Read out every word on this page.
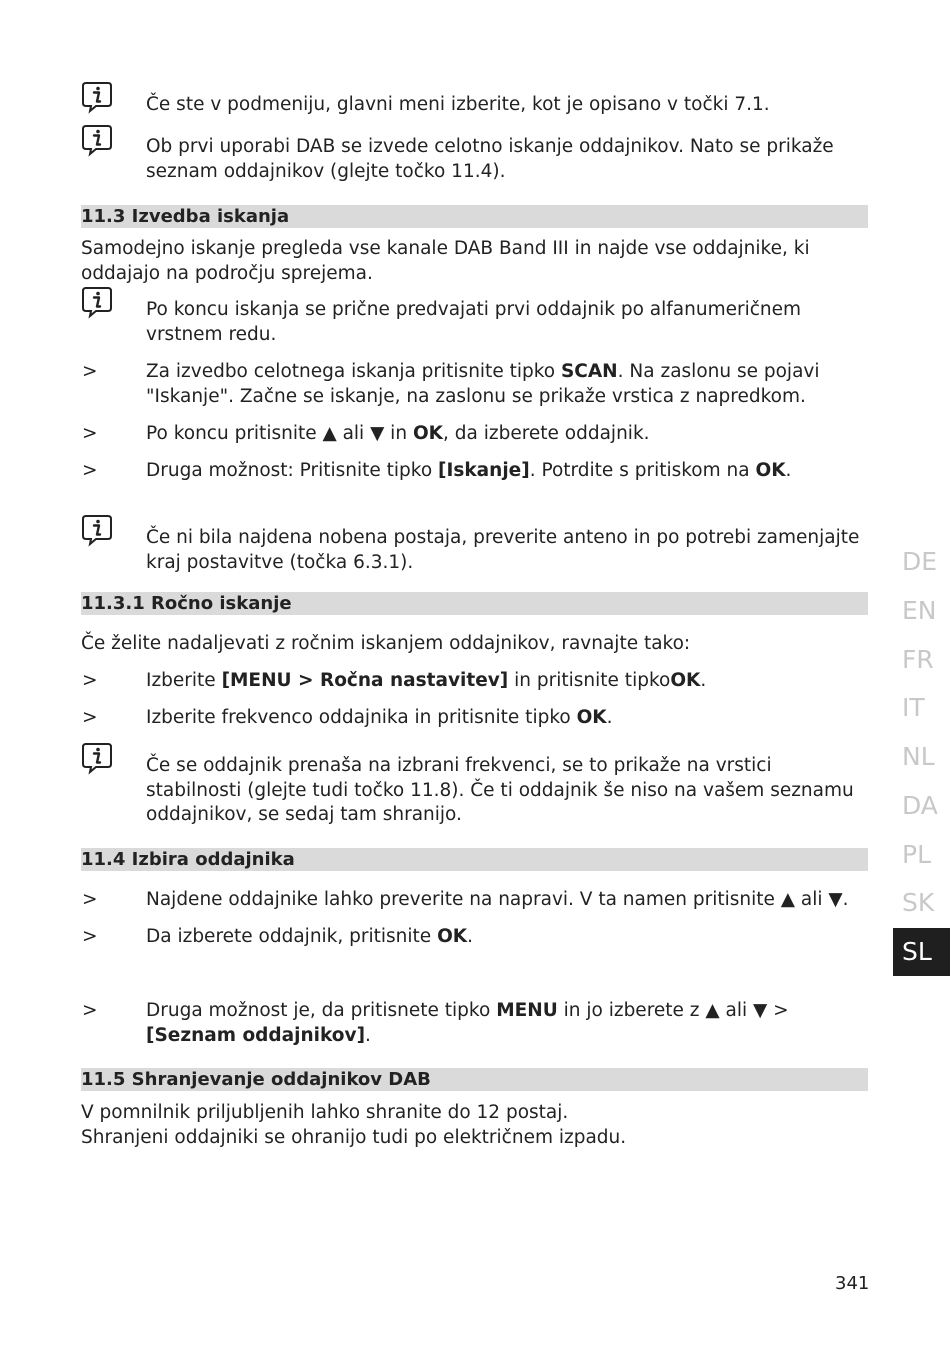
Če ste v podmeniju, glavni meni izberite, kot je opisano v točki 7.1.
Ob prvi uporabi DAB se izvede celotno iskanje oddajnikov. Nato se prikaže seznam oddajnikov (glejte točko 11.4).
11.3 Izvedba iskanja
Samodejno iskanje pregleda vse kanale DAB Band III in najde vse oddajnike, ki oddajajo na področju sprejema.
Po koncu iskanja se prične predvajati prvi oddajnik po alfanumeričnem vrstnem redu.
>	Za izvedbo celotnega iskanja pritisnite tipko SCAN. Na zaslonu se pojavi "Iskanje". Začne se iskanje, na zaslonu se prikaže vrstica z napredkom.
>	Po koncu pritisnite ▲ ali ▼ in OK, da izberete oddajnik.
>	Druga možnost: Pritisnite tipko [Iskanje]. Potrdite s pritiskom na OK.
Če ni bila najdena nobena postaja, preverite anteno in po potrebi zamenjajte kraj postavitve (točka 6.3.1).
11.3.1 Ročno iskanje
Če želite nadaljevati z ročnim iskanjem oddajnikov, ravnajte tako:
>	Izberite [MENU > Ročna nastavitev] in pritisnite tipkoOK.
>	Izberite frekvenco oddajnika in pritisnite tipko OK.
Če se oddajnik prenaša na izbrani frekvenci, se to prikaže na vrstici stabilnosti (glejte tudi točko 11.8). Če ti oddajnik še niso na vašem seznamu oddajnikov, se sedaj tam shranijo.
11.4 Izbira oddajnika
>	Najdene oddajnike lahko preverite na napravi. V ta namen pritisnite ▲ ali ▼.
>	Da izberete oddajnik, pritisnite OK.
>	Druga možnost je, da pritisnete tipko MENU in jo izberete z ▲ ali ▼ > [Seznam oddajnikov].
11.5 Shranjevanje oddajnikov DAB
V pomnilnik priljubljenih lahko shranite do 12 postaj.
Shranjeni oddajniki se ohranijo tudi po električnem izpadu.
DE
EN
FR
IT
NL
DA
PL
SK
SL
341
